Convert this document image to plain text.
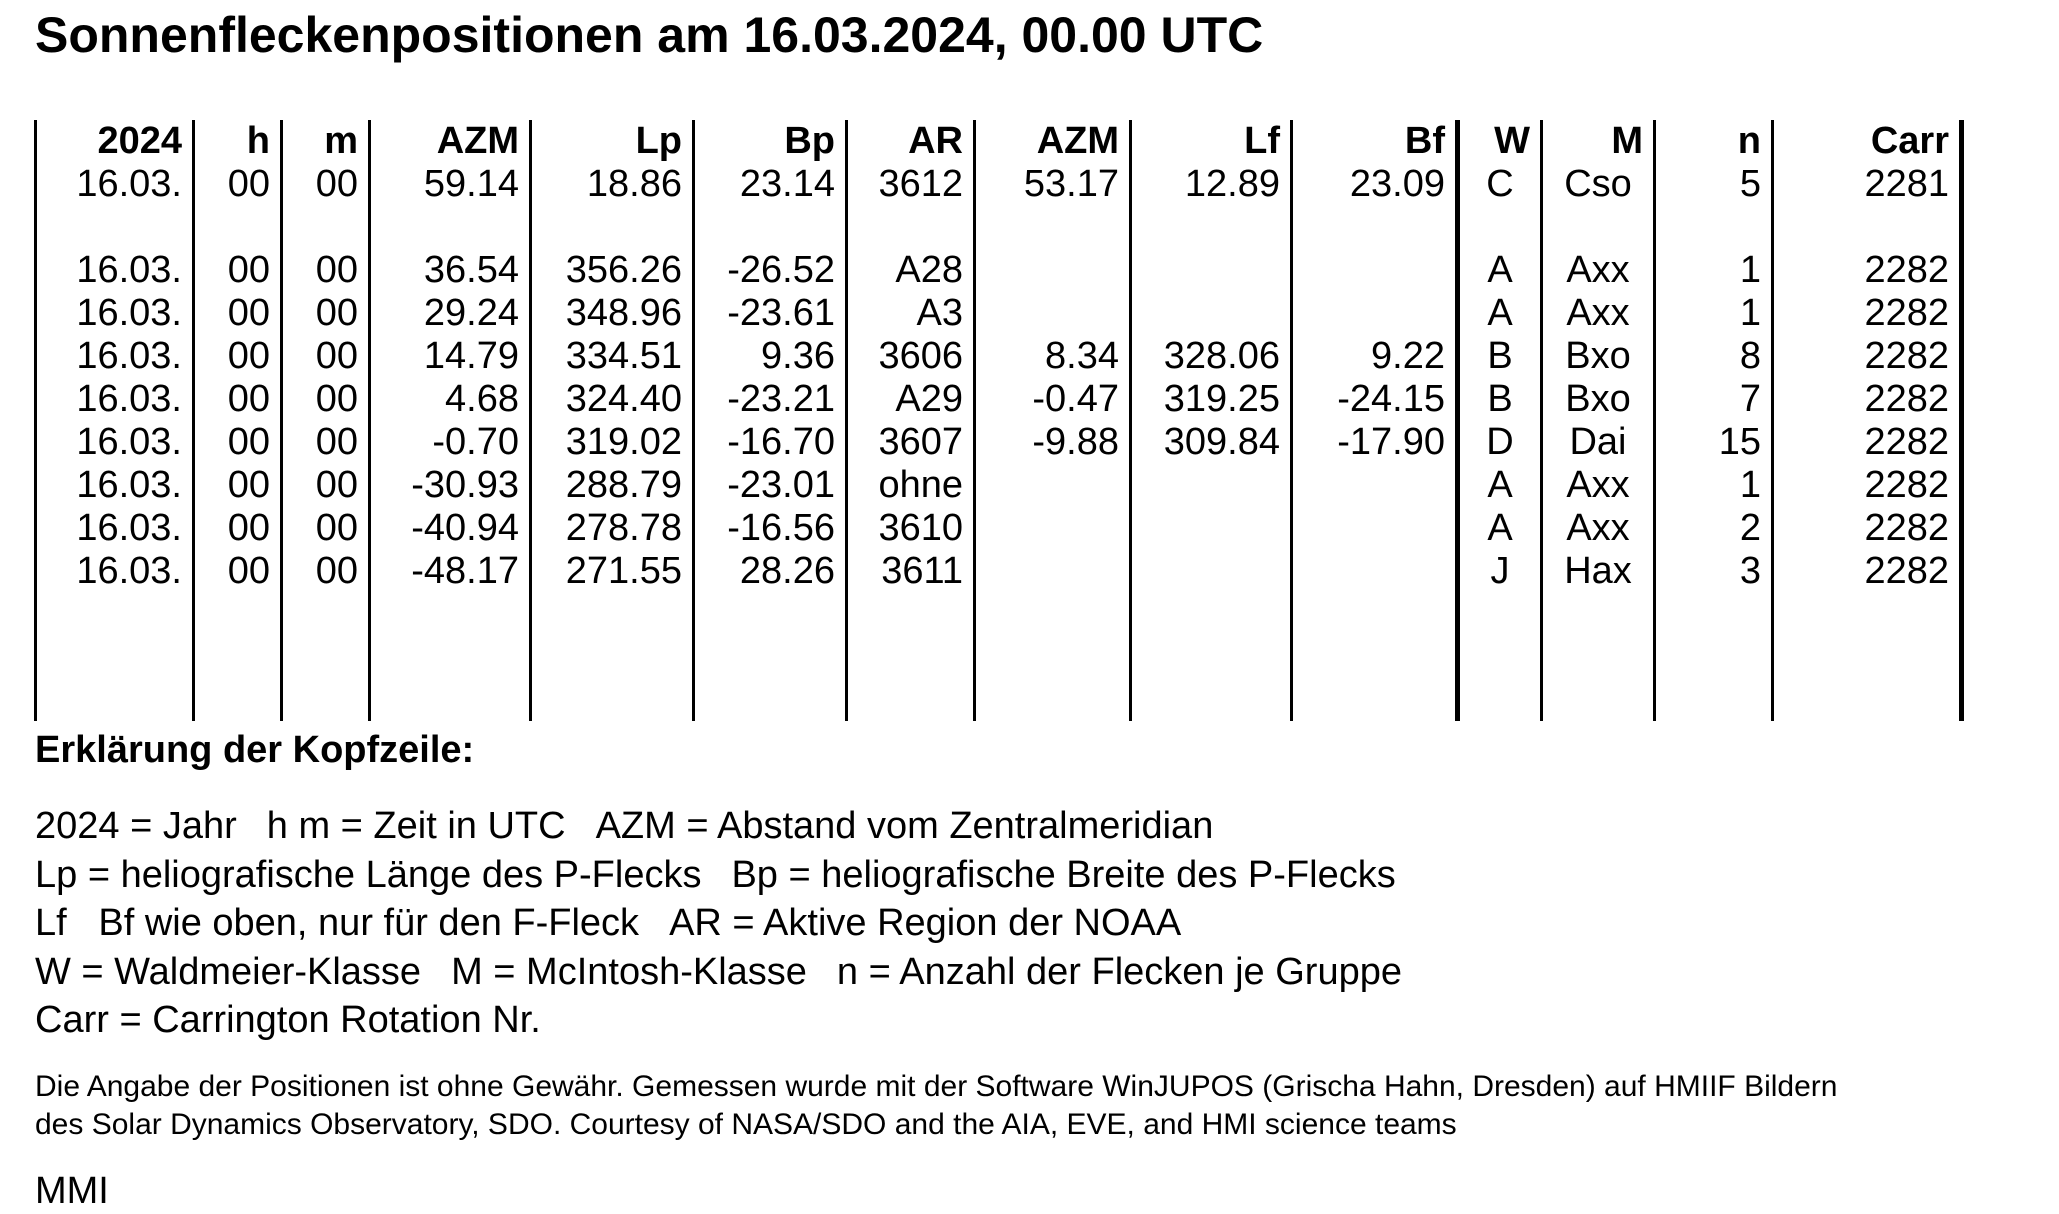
Sonnenfleckenpositionen am 16.03.2024, 00.00 UTC
2024	h	m	AZM	Lp	Bp	AR	AZM	Lf	Bf	W	M	n	Carr
16.03.	00	00	59.14	18.86	23.14	3612	53.17	12.89	23.09	C	Cso	5	2281

16.03.	00	00	36.54	356.26	-26.52	A28				A	Axx	1	2282
16.03.	00	00	29.24	348.96	-23.61	A3				A	Axx	1	2282
16.03.	00	00	14.79	334.51	9.36	3606	8.34	328.06	9.22	B	Bxo	8	2282
16.03.	00	00	4.68	324.40	-23.21	A29	-0.47	319.25	-24.15	B	Bxo	7	2282
16.03.	00	00	-0.70	319.02	-16.70	3607	-9.88	309.84	-17.90	D	Dai	15	2282
16.03.	00	00	-30.93	288.79	-23.01	ohne				A	Axx	1	2282
16.03.	00	00	-40.94	278.78	-16.56	3610				A	Axx	2	2282
16.03.	00	00	-48.17	271.55	28.26	3611				J	Hax	3	2282

Erklärung der Kopfzeile:
2024 = Jahr h m = Zeit in UTC AZM = Abstand vom Zentralmeridian
Lp = heliografische Länge des P-Flecks Bp = heliografische Breite des P-Flecks
Lf   Bf wie oben, nur für den F-Fleck AR = Aktive Region der NOAA
W = Waldmeier-Klasse M = McIntosh-Klasse n = Anzahl der Flecken je Gruppe
Carr = Carrington Rotation Nr.
Die Angabe der Positionen ist ohne Gewähr. Gemessen wurde mit der Software WinJUPOS (Grischa Hahn, Dresden) auf HMIIF Bildern
des Solar Dynamics Observatory, SDO. Courtesy of NASA/SDO and the AIA, EVE, and HMI science teams
MMI
